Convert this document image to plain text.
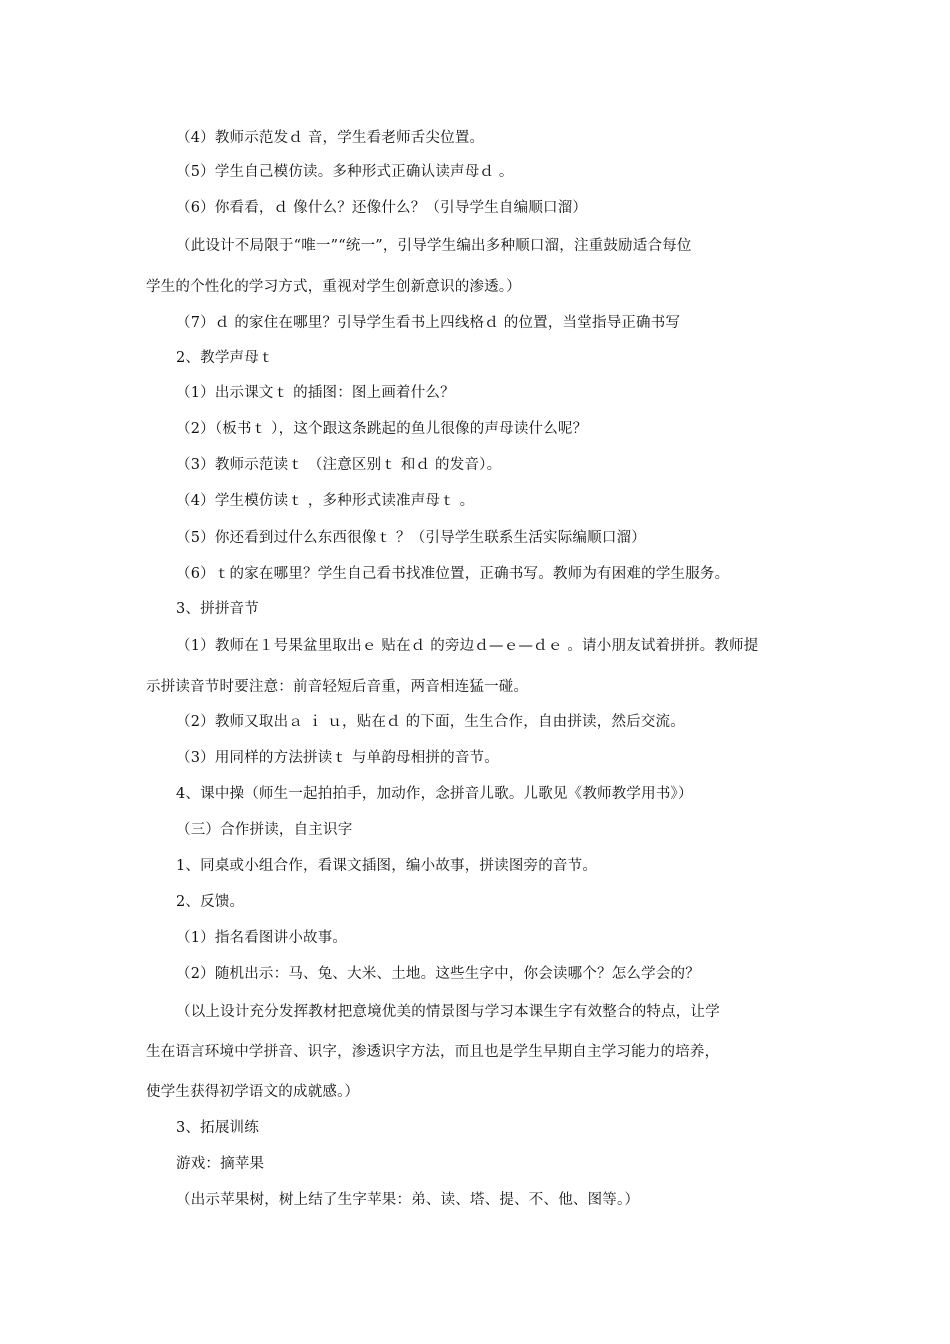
（4）教师示范发ｄ 音，学生看老师舌尖位置。
（5）学生自己模仿读。多种形式正确认读声母ｄ 。
（6）你看看，ｄ 像什么？还像什么？（引导学生自编顺口溜）
（此设计不局限于“唯一”“统一”，引导学生编出多种顺口溜，注重鼓励适合每位
学生的个性化的学习方式，重视对学生创新意识的渗透。）
（7）ｄ 的家住在哪里？引导学生看书上四线格ｄ 的位置，当堂指导正确书写
2、教学声母ｔ
（1）出示课文ｔ 的插图：图上画着什么？
（2）（板书ｔ ），这个跟这条跳起的鱼儿很像的声母读什么呢？
（3）教师示范读ｔ （注意区别ｔ 和ｄ 的发音）。
（4）学生模仿读ｔ ，多种形式读准声母ｔ 。
（5）你还看到过什么东西很像ｔ ？（引导学生联系生活实际编顺口溜）
（6）ｔ的家在哪里？学生自己看书找准位置，正确书写。教师为有困难的学生服务。
3、拼拼音节
（1）教师在１号果盆里取出ｅ 贴在ｄ 的旁边ｄ—ｅ—ｄｅ 。请小朋友试着拼拼。教师提
示拼读音节时要注意：前音轻短后音重，两音相连猛一碰。
（2）教师又取出ａ ｉ ｕ，贴在ｄ 的下面，生生合作，自由拼读，然后交流。
（3）用同样的方法拼读ｔ 与单韵母相拼的音节。
4、课中操（师生一起拍拍手，加动作，念拼音儿歌。儿歌见《教师教学用书》）
（三）合作拼读，自主识字
1、同桌或小组合作，看课文插图，编小故事，拼读图旁的音节。
2、反馈。
（1）指名看图讲小故事。
（2）随机出示：马、兔、大米、土地。这些生字中，你会读哪个？怎么学会的？
（以上设计充分发挥教材把意境优美的情景图与学习本课生字有效整合的特点，让学
生在语言环境中学拼音、识字，渗透识字方法，而且也是学生早期自主学习能力的培养，
使学生获得初学语文的成就感。）
3、拓展训练
游戏：摘苹果
（出示苹果树，树上结了生字苹果：弟、读、塔、提、不、他、图等。）
